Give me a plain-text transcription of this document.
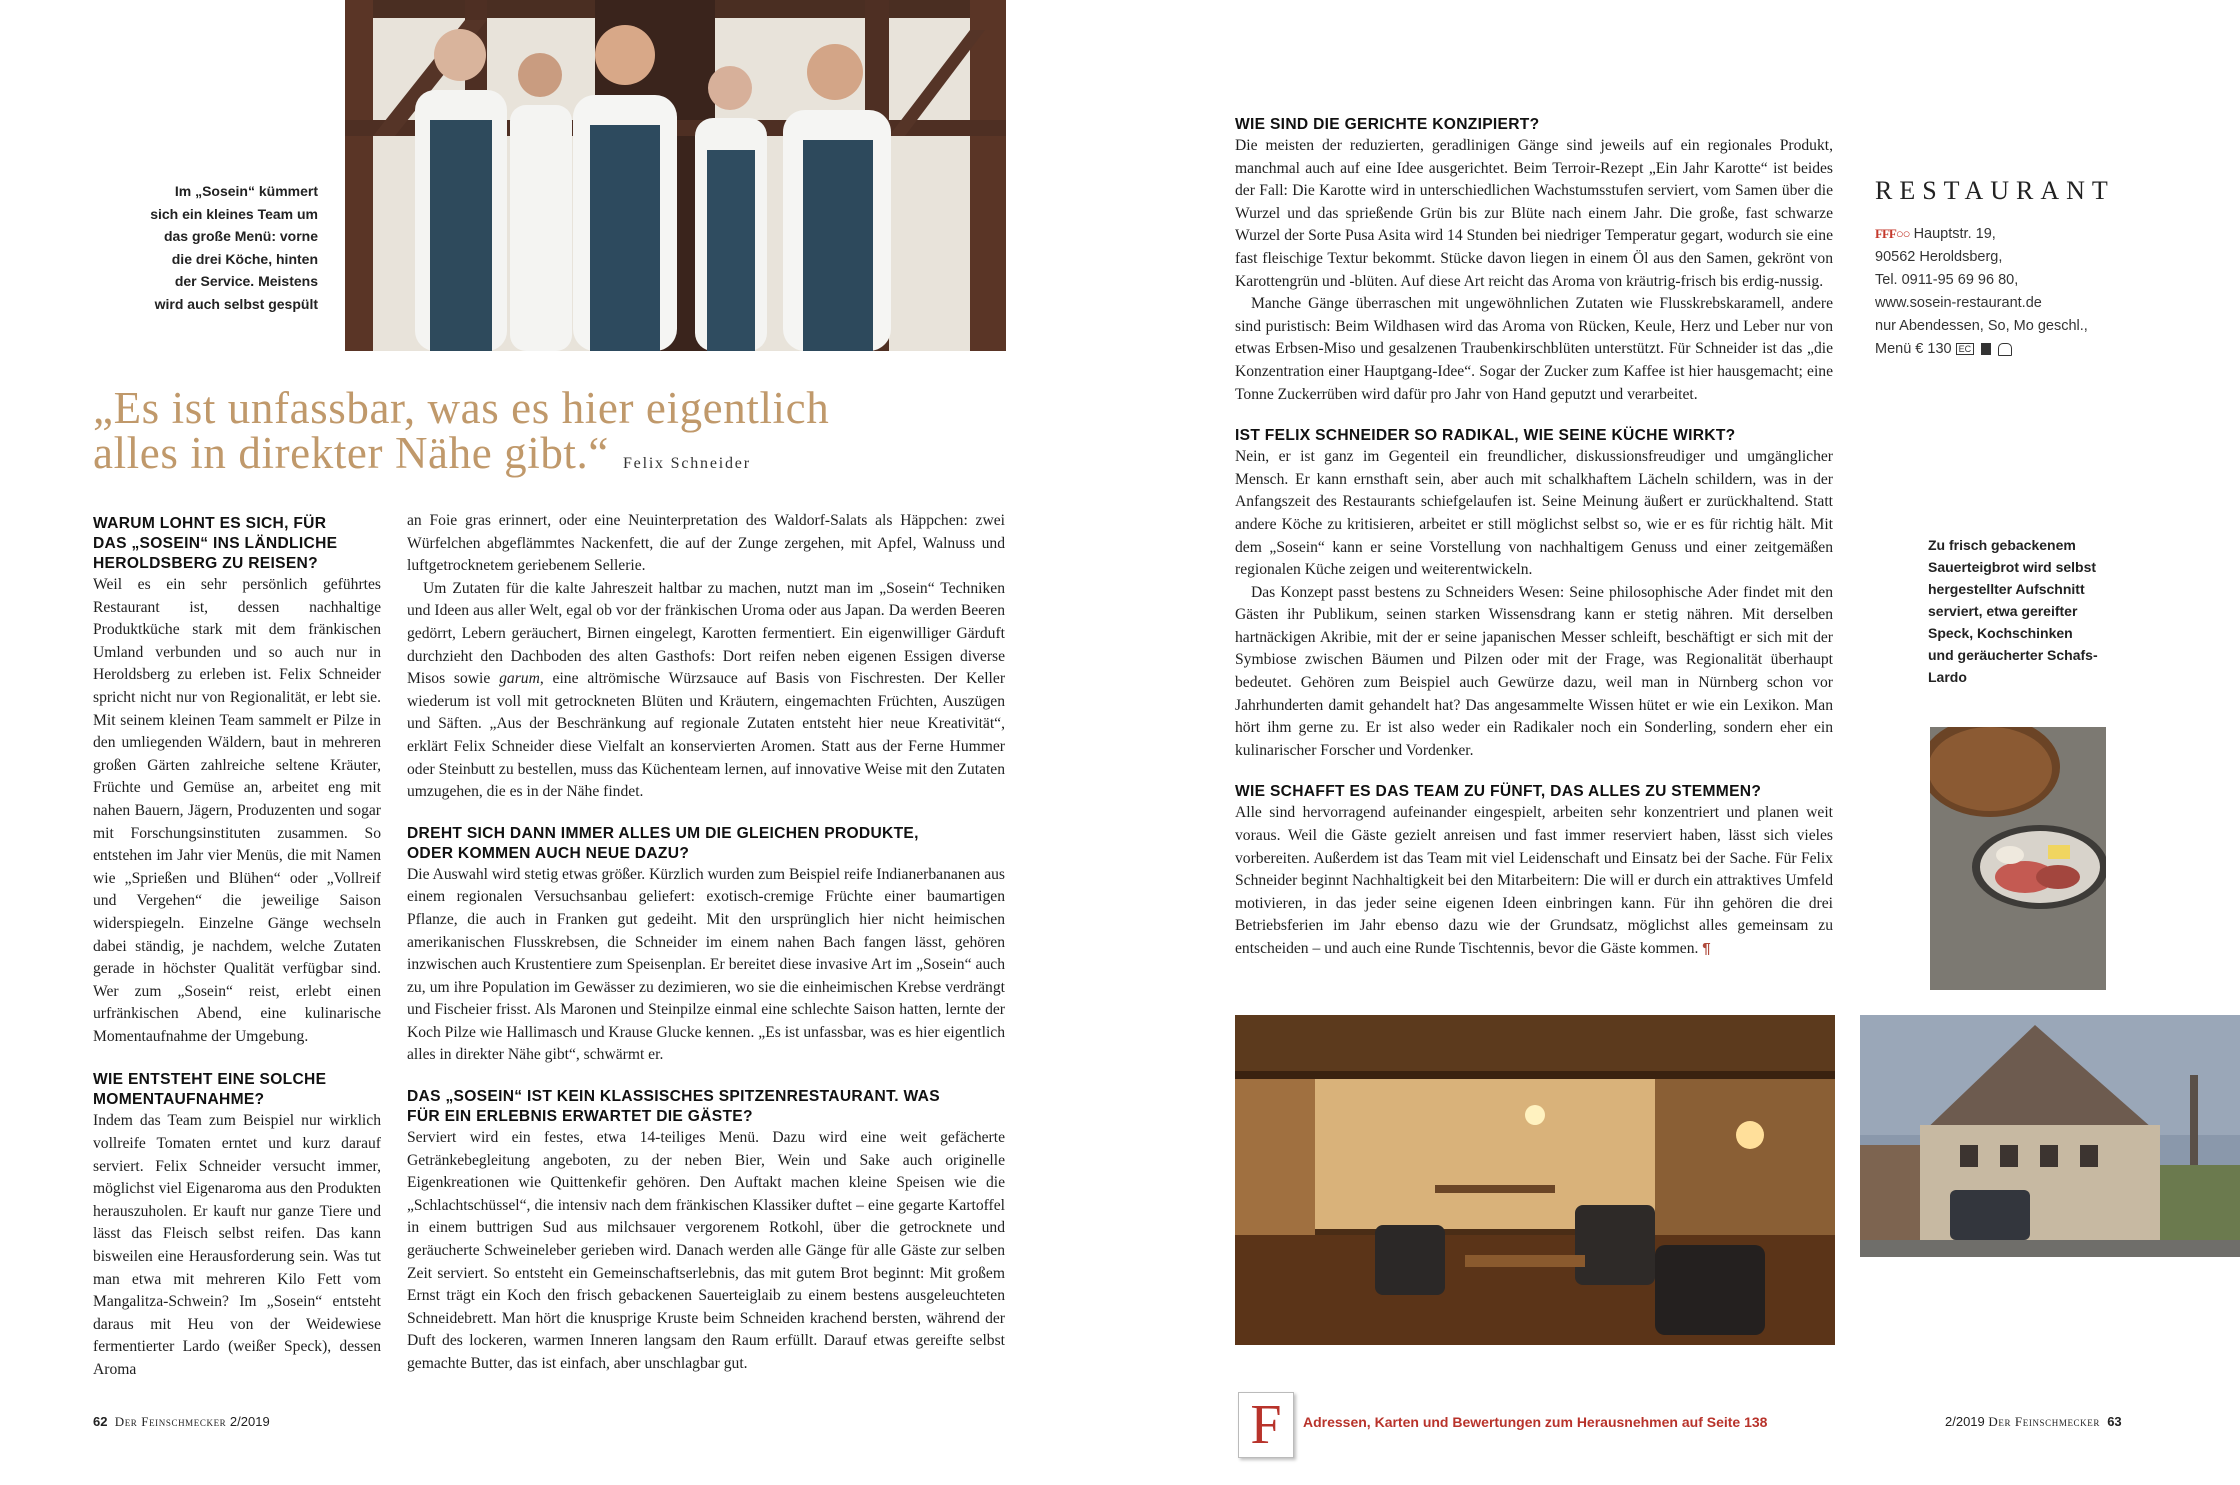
Im „Sosein“ kümmert sich ein kleines Team um das große Menü: vorne die drei Köche, hinten der Service. Meistens wird auch selbst gespült
„Es ist unfassbar, was es hier eigentlich
alles in direkter Nähe gibt.“ Felix Schneider
WARUM LOHNT ES SICH, FÜR DAS „SOSEIN“ INS LÄNDLICHE HEROLDSBERG ZU REISEN?

Weil es ein sehr persönlich geführtes Restaurant ist, dessen nachhaltige Produktküche stark mit dem fränkischen Umland verbunden und so auch nur in Heroldsberg zu erleben ist. Felix Schneider spricht nicht nur von Regionalität, er lebt sie. Mit seinem kleinen Team sammelt er Pilze in den umliegenden Wäldern, baut in mehreren großen Gärten zahlreiche seltene Kräuter, Früchte und Gemüse an, arbeitet eng mit nahen Bauern, Jägern, Produzenten und sogar mit Forschungsinstituten zusammen. So entstehen im Jahr vier Menüs, die mit Namen wie „Sprießen und Blühen“ oder „Vollreif und Vergehen“ die jeweilige Saison widerspiegeln. Einzelne Gänge wechseln dabei ständig, je nachdem, welche Zutaten gerade in höchster Qualität verfügbar sind. Wer zum „Sosein“ reist, erlebt einen urfränkischen Abend, eine kulinarische Momentaufnahme der Umgebung.

WIE ENTSTEHT EINE SOLCHE MOMENTAUFNAHME?

Indem das Team zum Beispiel nur wirklich vollreife Tomaten erntet und kurz darauf serviert. Felix Schneider versucht immer, möglichst viel Eigenaroma aus den Produkten herauszuholen. Er kauft nur ganze Tiere und lässt das Fleisch selbst reifen. Das kann bisweilen eine Herausforderung sein. Was tut man etwa mit mehreren Kilo Fett vom Mangalitza-Schwein? Im „Sosein“ entsteht daraus mit Heu von der Weidewiese fermentierter Lardo (weißer Speck), dessen Aroma

an Foie gras erinnert, oder eine Neuinterpretation des Waldorf-Salats als Häppchen: zwei Würfelchen abgeflämmtes Nackenfett, die auf der Zunge zergehen, mit Apfel, Walnuss und luftgetrocknetem geriebenem Sellerie.

Um Zutaten für die kalte Jahreszeit haltbar zu machen, nutzt man im „Sosein“ Techniken und Ideen aus aller Welt, egal ob vor der fränkischen Uroma oder aus Japan. Da werden Beeren gedörrt, Lebern geräuchert, Birnen eingelegt, Karotten fermentiert. Ein eigenwilliger Gärduft durchzieht den Dachboden des alten Gasthofs: Dort reifen neben eigenen Essigen diverse Misos sowie garum, eine altrömische Würzsauce auf Basis von Fischresten. Der Keller wiederum ist voll mit getrockneten Blüten und Kräutern, eingemachten Früchten, Auszügen und Säften. „Aus der Beschränkung auf regionale Zutaten entsteht hier neue Kreativität“, erklärt Felix Schneider diese Vielfalt an konservierten Aromen. Statt aus der Ferne Hummer oder Steinbutt zu bestellen, muss das Küchenteam lernen, auf innovative Weise mit den Zutaten umzugehen, die es in der Nähe findet.

DREHT SICH DANN IMMER ALLES UM DIE GLEICHEN PRODUKTE, ODER KOMMEN AUCH NEUE DAZU?

Die Auswahl wird stetig etwas größer. Kürzlich wurden zum Beispiel reife Indianerbananen aus einem regionalen Versuchsanbau geliefert: exotisch-cremige Früchte einer baumartigen Pflanze, die auch in Franken gut gedeiht. Mit den ursprünglich hier nicht heimischen amerikanischen Flusskrebsen, die Schneider im einem nahen Bach fangen lässt, gehören inzwischen auch Krustentiere zum Speisenplan. Er bereitet diese invasive Art im „Sosein“ auch zu, um ihre Population im Gewässer zu dezimieren, wo sie die einheimischen Krebse verdrängt und Fischeier frisst. Als Maronen und Steinpilze einmal eine schlechte Saison hatten, lernte der Koch Pilze wie Hallimasch und Krause Glucke kennen. „Es ist unfassbar, was es hier eigentlich alles in direkter Nähe gibt“, schwärmt er.

DAS „SOSEIN“ IST KEIN KLASSISCHES SPITZENRESTAURANT. WAS FÜR EIN ERLEBNIS ERWARTET DIE GÄSTE?

Serviert wird ein festes, etwa 14-teiliges Menü. Dazu wird eine weit gefächerte Getränkebegleitung angeboten, zu der neben Bier, Wein und Sake auch originelle Eigenkreationen wie Quittenkefir gehören. Den Auftakt machen kleine Speisen wie die „Schlachtschüssel“, die intensiv nach dem fränkischen Klassiker duftet – eine gegarte Kartoffel in einem buttrigen Sud aus milchsauer vergorenem Rotkohl, über die getrocknete und geräucherte Schweineleber gerieben wird. Danach werden alle Gänge für alle Gäste zur selben Zeit serviert. So entsteht ein Gemeinschaftserlebnis, das mit gutem Brot beginnt: Mit großem Ernst trägt ein Koch den frisch gebackenen Sauerteiglaib zu einem bestens ausgeleuchteten Schneidebrett. Man hört die knusprige Kruste beim Schneiden krachend bersten, während der Duft des lockeren, warmen Inneren langsam den Raum erfüllt. Darauf etwas gereifte selbst gemachte Butter, das ist einfach, aber unschlagbar gut.

62 Der Feinschmecker 2/2019
WIE SIND DIE GERICHTE KONZIPIERT?

Die meisten der reduzierten, geradlinigen Gänge sind jeweils auf ein regionales Produkt, manchmal auch auf eine Idee ausgerichtet. Beim Terroir-Rezept „Ein Jahr Karotte“ ist beides der Fall: Die Karotte wird in unterschiedlichen Wachstumsstufen serviert, vom Samen über die Wurzel und das sprießende Grün bis zur Blüte nach einem Jahr. Die große, fast schwarze Wurzel der Sorte Pusa Asita wird 14 Stunden bei niedriger Temperatur gegart, wodurch sie eine fast fleischige Textur bekommt. Stücke davon liegen in einem Öl aus den Samen, gekrönt von Karottengrün und -blüten. Auf diese Art reicht das Aroma von kräutrig-frisch bis erdig-nussig.

Manche Gänge überraschen mit ungewöhnlichen Zutaten wie Flusskrebskaramell, andere sind puristisch: Beim Wildhasen wird das Aroma von Rücken, Keule, Herz und Leber nur von etwas Erbsen-Miso und gesalzenen Traubenkirschblüten unterstützt. Für Schneider ist das „die Konzentration einer Hauptgang-Idee“. Sogar der Zucker zum Kaffee ist hier hausgemacht; eine Tonne Zuckerrüben wird dafür pro Jahr von Hand geputzt und verarbeitet.

IST FELIX SCHNEIDER SO RADIKAL, WIE SEINE KÜCHE WIRKT?

Nein, er ist ganz im Gegenteil ein freundlicher, diskussionsfreudiger und umgänglicher Mensch. Er kann ernsthaft sein, aber auch mit schalkhaftem Lächeln schildern, was in der Anfangszeit des Restaurants schiefgelaufen ist. Seine Meinung äußert er zurückhaltend. Statt andere Köche zu kritisieren, arbeitet er still möglichst selbst so, wie er es für richtig hält. Mit dem „Sosein“ kann er seine Vorstellung von nachhaltigem Genuss und einer zeitgemäßen regionalen Küche zeigen und weiterentwickeln.

Das Konzept passt bestens zu Schneiders Wesen: Seine philosophische Ader findet mit den Gästen ihr Publikum, seinen starken Wissensdrang kann er stetig nähren. Mit derselben hartnäckigen Akribie, mit der er seine japanischen Messer schleift, beschäftigt er sich mit der Symbiose zwischen Bäumen und Pilzen oder mit der Frage, was Regionalität überhaupt bedeutet. Gehören zum Beispiel auch Gewürze dazu, weil man in Nürnberg schon vor Jahrhunderten damit gehandelt hat? Das angesammelte Wissen hütet er wie ein Lexikon. Man hört ihm gerne zu. Er ist also weder ein Radikaler noch ein Sonderling, sondern eher ein kulinarischer Forscher und Vordenker.

WIE SCHAFFT ES DAS TEAM ZU FÜNFT, DAS ALLES ZU STEMMEN?

Alle sind hervorragend aufeinander eingespielt, arbeiten sehr konzentriert und planen weit voraus. Weil die Gäste gezielt anreisen und fast immer reserviert haben, lässt sich vieles vorbereiten. Außerdem ist das Team mit viel Leidenschaft und Einsatz bei der Sache. Für Felix Schneider beginnt Nachhaltigkeit bei den Mitarbeitern: Die will er durch ein attraktives Umfeld motivieren, in das jeder seine eigenen Ideen einbringen kann. Für ihn gehören die drei Betriebsferien im Jahr ebenso dazu wie der Grundsatz, möglichst alles gemeinsam zu entscheiden – und auch eine Runde Tischtennis, bevor die Gäste kommen. ¶

RESTAURANT
FFF○○ Hauptstr. 19,
90562 Heroldsberg,
Tel. 0911-95 69 96 80,
www.sosein-restaurant.de
nur Abendessen, So, Mo geschl.,
Menü € 130 EC
Zu frisch gebackenem Sauerteigbrot wird selbst hergestellter Aufschnitt serviert, etwa gereifter Speck, Kochschinken und geräucherter Schafs-Lardo
F	Adressen, Karten und Bewertungen zum Herausnehmen auf Seite 138	2/2019 Der Feinschmecker 63
